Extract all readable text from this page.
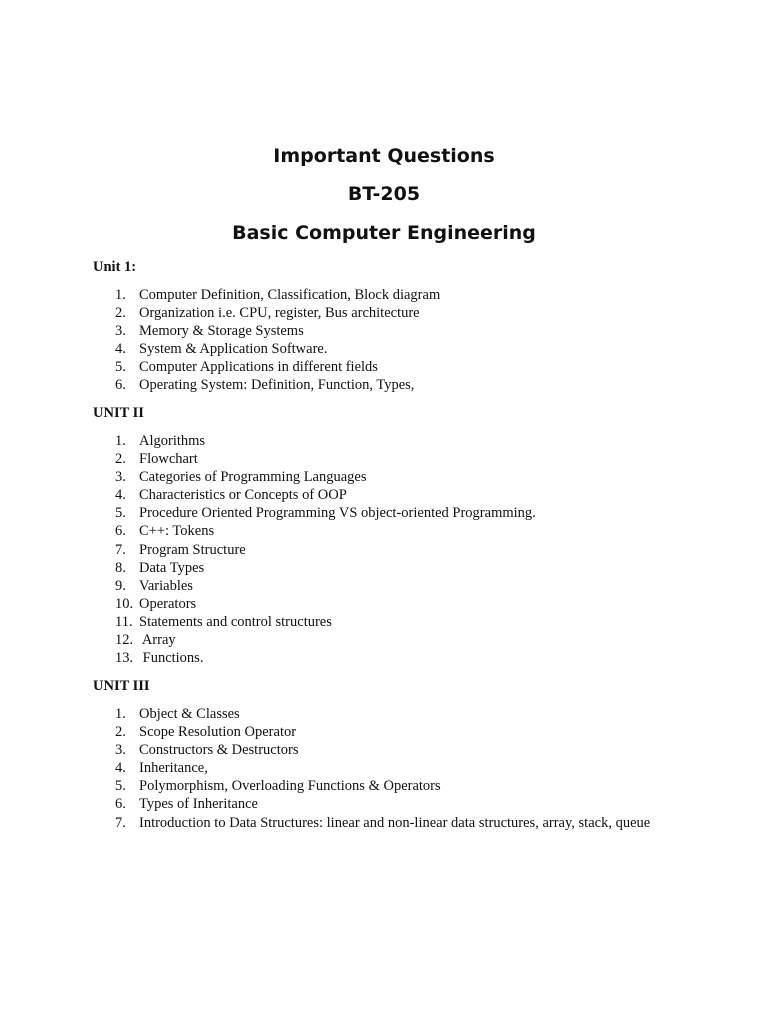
Important Questions
BT-205
Basic Computer Engineering

Unit 1:

1. Computer Definition, Classification, Block diagram
2. Organization i.e. CPU, register, Bus architecture
3. Memory & Storage Systems
4. System & Application Software.
5. Computer Applications in different fields
6. Operating System: Definition, Function, Types,

UNIT II

1. Algorithms
2. Flowchart
3. Categories of Programming Languages
4. Characteristics or Concepts of OOP
5. Procedure Oriented Programming VS object-oriented Programming.
6. C++: Tokens
7. Program Structure
8. Data Types
9. Variables
10. Operators
11. Statements and control structures
12. Array
13. Functions.

UNIT III

1. Object & Classes
2. Scope Resolution Operator
3. Constructors & Destructors
4. Inheritance,
5. Polymorphism, Overloading Functions & Operators
6. Types of Inheritance
7. Introduction to Data Structures: linear and non-linear data structures, array, stack, queue
